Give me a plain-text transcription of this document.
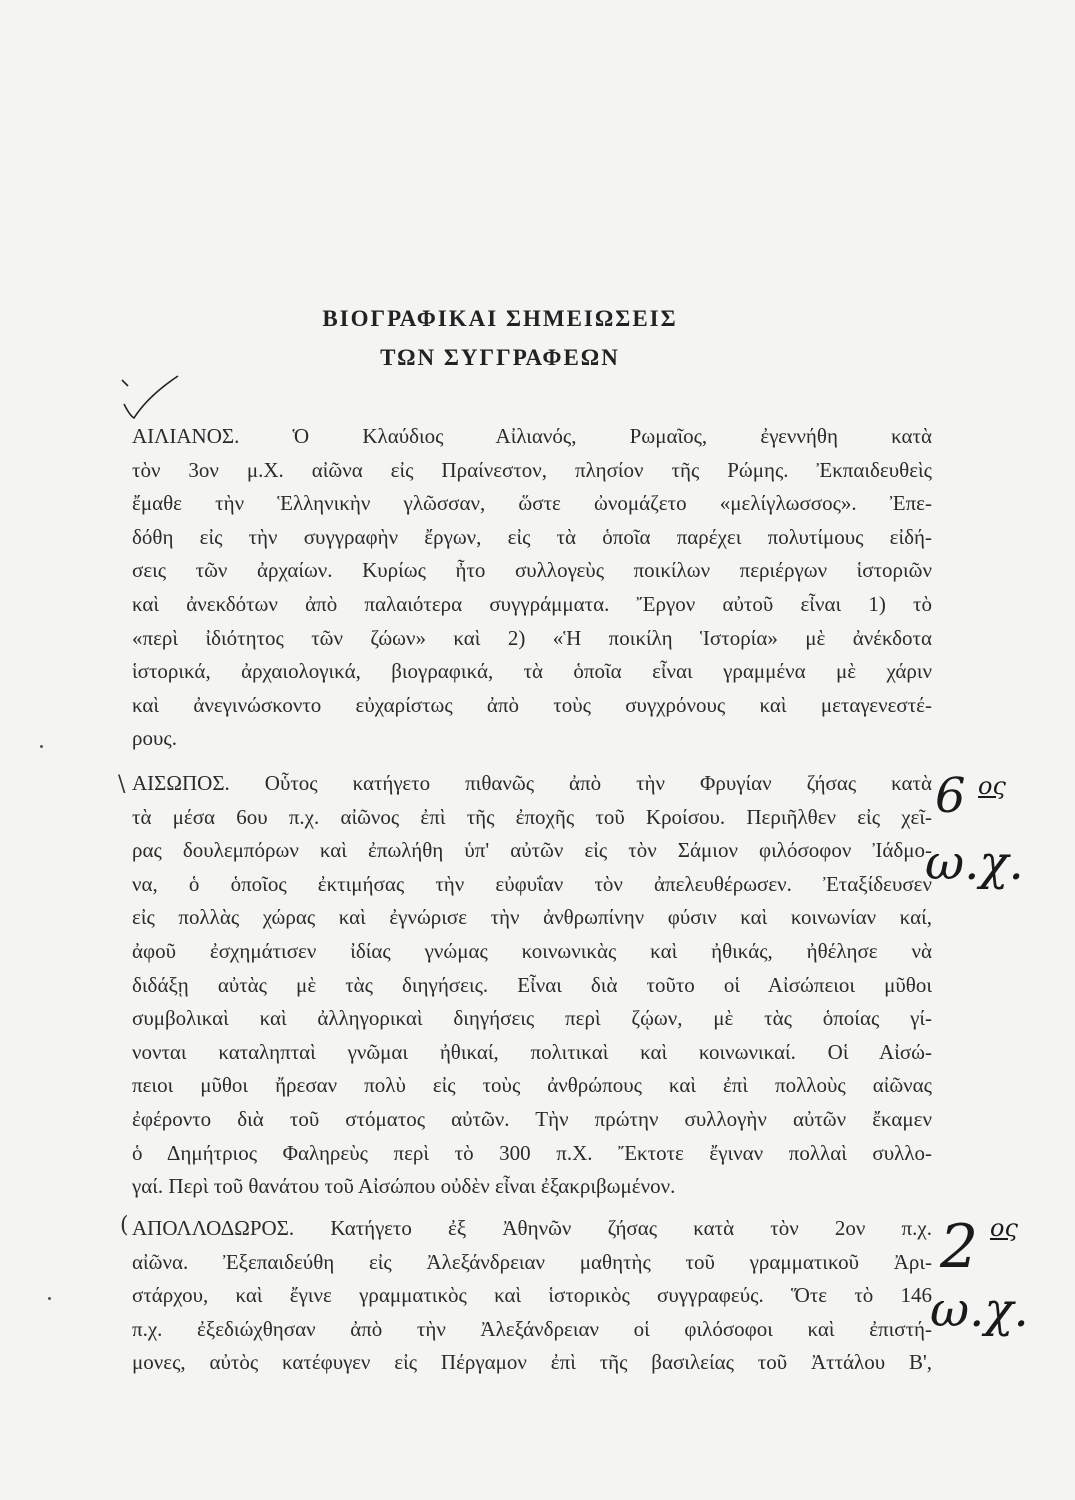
ΒΙΟΓΡΑΦΙΚΑΙ ΣΗΜΕΙΩΣΕΙΣ
ΤΩΝ ΣΥΓΓΡΑΦΕΩΝ
ΑΙΛΙΑΝΟΣ. Ὁ Κλαύδιος Αἰλιανός, Ρωμαῖος, ἐγεννήθη κατὰ
τὸν 3ον μ.Χ. αἰῶνα εἰς Πραίνεστον, πλησίον τῆς Ρώμης. Ἐκπαιδευθεὶς
ἔμαθε τὴν Ἑλληνικὴν γλῶσσαν, ὥστε ὠνομάζετο «μελίγλωσσος». Ἐπε-
δόθη εἰς τὴν συγγραφὴν ἔργων, εἰς τὰ ὁποῖα παρέχει πολυτίμους εἰδή-
σεις τῶν ἀρχαίων. Κυρίως ἦτο συλλογεὺς ποικίλων περιέργων ἱστοριῶν
καὶ ἀνεκδότων ἀπὸ παλαιότερα συγγράμματα. Ἔργον αὐτοῦ εἶναι 1) τὸ
«περὶ ἰδιότητος τῶν ζώων» καὶ 2) «Ἡ ποικίλη Ἱστορία» μὲ ἀνέκδοτα
ἱστορικά, ἀρχαιολογικά, βιογραφικά, τὰ ὁποῖα εἶναι γραμμένα μὲ χάριν
καὶ ἀνεγινώσκοντο εὐχαρίστως ἀπὸ τοὺς συγχρόνους καὶ μεταγενεστέ-
ρους.
\ ΑΙΣΩΠΟΣ. Οὗτος κατήγετο πιθανῶς ἀπὸ τὴν Φρυγίαν ζήσας κατὰ
τὰ μέσα 6ου π.χ. αἰῶνος ἐπὶ τῆς ἐποχῆς τοῦ Κροίσου. Περιῆλθεν εἰς χεῖ-
ρας δουλεμπόρων καὶ ἐπωλήθη ὑπ' αὐτῶν εἰς τὸν Σάμιον φιλόσοφον Ἰάδμο-
να, ὁ ὁποῖος ἐκτιμήσας τὴν εὐφυΐαν τὸν ἀπελευθέρωσεν. Ἐταξίδευσεν
εἰς πολλὰς χώρας καὶ ἐγνώρισε τὴν ἀνθρωπίνην φύσιν καὶ κοινωνίαν καί,
ἀφοῦ ἐσχημάτισεν ἰδίας γνώμας κοινωνικὰς καὶ ἠθικάς, ἠθέλησε νὰ
διδάξῃ αὐτὰς μὲ τὰς διηγήσεις. Εἶναι διὰ τοῦτο οἱ Αἰσώπειοι μῦθοι
συμβολικαὶ καὶ ἀλληγορικαὶ διηγήσεις περὶ ζῴων, μὲ τὰς ὁποίας γί-
νονται καταληπταὶ γνῶμαι ἠθικαί, πολιτικαὶ καὶ κοινωνικαί. Οἱ Αἰσώ-
πειοι μῦθοι ἤρεσαν πολὺ εἰς τοὺς ἀνθρώπους καὶ ἐπὶ πολλοὺς αἰῶνας
ἐφέροντο διὰ τοῦ στόματος αὐτῶν. Τὴν πρώτην συλλογὴν αὐτῶν ἔκαμεν
ὁ Δημήτριος Φαληρεὺς περὶ τὸ 300 π.Χ. Ἔκτοτε ἔγιναν πολλαὶ συλλο-
γαί. Περὶ τοῦ θανάτου τοῦ Αἰσώπου οὐδὲν εἶναι ἐξακριβωμένον.
( ΑΠΟΛΛΟΔΩΡΟΣ. Κατήγετο ἐξ Ἀθηνῶν ζήσας κατὰ τὸν 2ον π.χ.
αἰῶνα. Ἐξεπαιδεύθη εἰς Ἀλεξάνδρειαν μαθητὴς τοῦ γραμματικοῦ Ἀρι-
στάρχου, καὶ ἔγινε γραμματικὸς καὶ ἱστορικὸς συγγραφεύς. Ὅτε τὸ 146
π.χ. ἐξεδιώχθησαν ἀπὸ τὴν Ἀλεξάνδρειαν οἱ φιλόσοφοι καὶ ἐπιστή-
μονες, αὐτὸς κατέφυγεν εἰς Πέργαμον ἐπὶ τῆς βασιλείας τοῦ Ἀττάλου Β',
6 ος
ω.χ.
2 ος
ω.χ.
